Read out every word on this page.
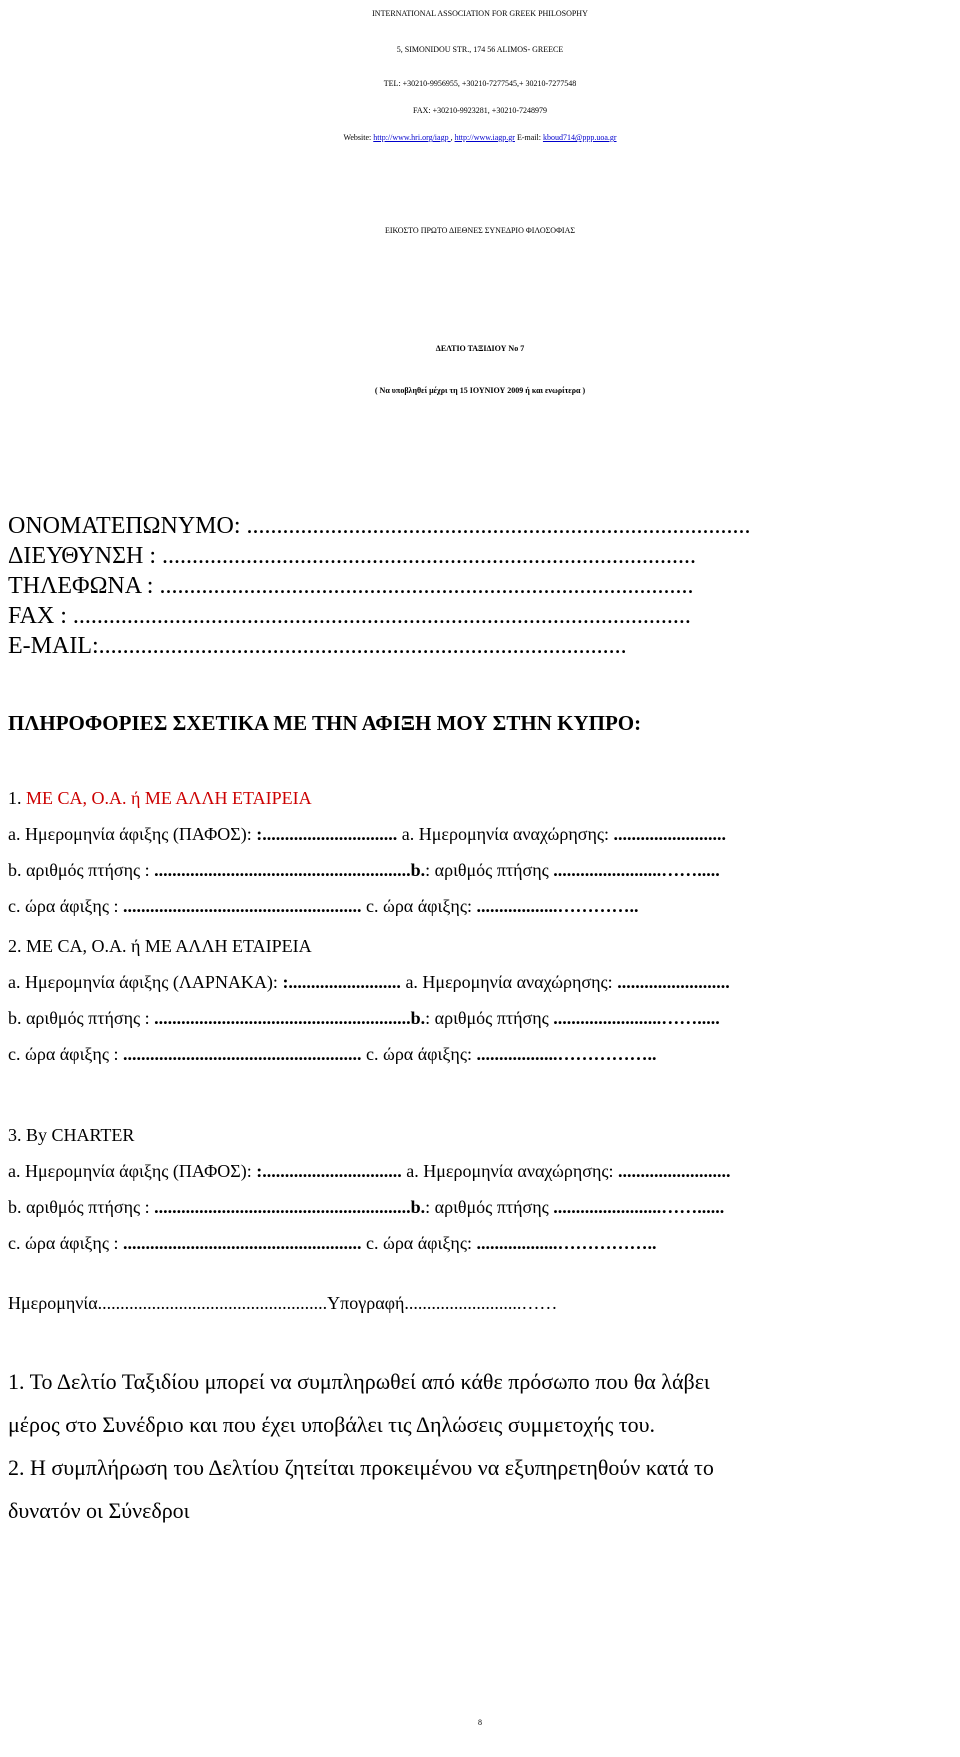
INTERNATIONAL ASSOCIATION FOR GREEK PHILOSOPHY
5, SIMONIDOU STR., 174 56 ALIMOS- GREECE
TEL: +30210-9956955, +30210-7277545,+ 30210-7277548
FAX: +30210-9923281, +30210-7248979
Website: http://www.hri.org/iagp , http://www.iagp.gr E-mail: kboud714@ppp.uoa.gr
ΕΙΚΟΣΤΟ ΠΡΩΤΟ ΔΙΕΘΝΕΣ ΣΥΝΕΔΡΙΟ ΦΙΛΟΣΟΦΙΑΣ
ΔΕΛΤΙΟ ΤΑΞΙΔΙΟΥ Νο 7
( Να υποβληθεί μέχρι τη 15 ΙΟΥΝΙΟΥ 2009 ή και ενωρίτερα )
ΟΝΟΜΑΤΕΠΩΝΥΜΟ: ....................................................................................
ΔΙΕΥΘΥΝΣΗ : .........................................................................................
ΤΗΛΕΦΩΝΑ : .........................................................................................
FAX : .......................................................................................................
E-MAIL:........................................................................................
ΠΛΗΡΟΦΟΡΙΕΣ ΣΧΕΤΙΚΑ ΜΕ ΤΗΝ ΑΦΙΞΗ ΜΟΥ ΣΤΗΝ ΚΥΠΡΟ:
1. ΜΕ CA, O.A. ή ΜΕ ΑΛΛΗ ΕΤΑΙΡΕΙΑ
a. Ημερομηνία άφιξης (ΠΑΦΟΣ): :.............................. a. Ημερομηνία αναχώρησης: .........................
b. αριθμός πτήσης : .........................................................b.: αριθμός πτήσης ........................…….....
c. ώρα άφιξης : ..................................................... c. ώρα άφιξης: ..................…………..
2. ΜΕ CA, O.A. ή ΜΕ ΑΛΛΗ ΕΤΑΙΡΕΙΑ
a. Ημερομηνία άφιξης (ΛΑΡΝΑΚΑ): :......................... a. Ημερομηνία αναχώρησης: .........................
b. αριθμός πτήσης : .........................................................b.: αριθμός πτήσης ........................…….....
c. ώρα άφιξης : ..................................................... c. ώρα άφιξης: ..................……………..
3. By CHARTER
a. Ημερομηνία άφιξης (ΠΑΦΟΣ): :............................... a. Ημερομηνία αναχώρησης: .........................
b. αριθμός πτήσης : .........................................................b.: αριθμός πτήσης ........................……......
c. ώρα άφιξης : ..................................................... c. ώρα άφιξης: ..................……………..
Ημερομηνία...................................................Υπογραφή..........................……
1. Το Δελτίο Ταξιδίου μπορεί να συμπληρωθεί από κάθε πρόσωπο που θα λάβει
μέρος στο Συνέδριο και που έχει υποβάλει τις Δηλώσεις συμμετοχής του.
2. Η συμπλήρωση του Δελτίου ζητείται προκειμένου να εξυπηρετηθούν κατά το
δυνατόν οι Σύνεδροι
8
